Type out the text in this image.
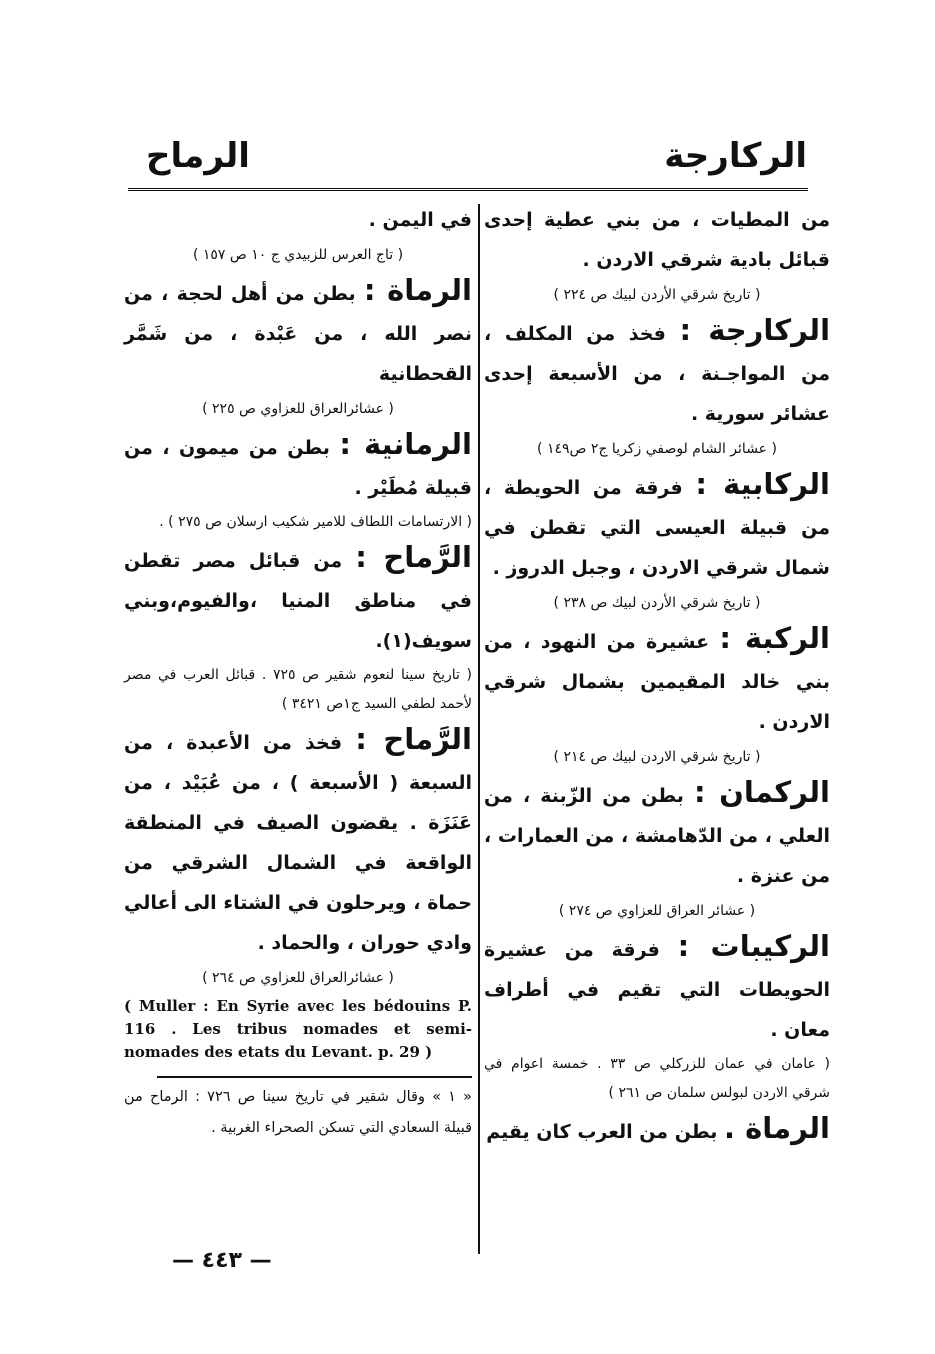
الركارجة
الرماح

من المطيات ، من بني عطية إحدى قبائل بادية شرقي الاردن .

( تاريخ شرقي الأردن لبيك ص ٢٢٤ )

الركارجة : فخذ من المكلف ، من المواجـنة ، من الأسبعة إحدى عشائر سورية .

( عشائر الشام لوصفي زكريا ج٢ ص١٤٩ )

الركابية : فرقة من الحويطة ، من قبيلة العيسى التي تقطن في شمال شرقي الاردن ، وجبل الدروز .

( تاريخ شرقي الأردن لبيك ص ٢٣٨ )

الركبة : عشيرة من النهود ، من بني خالد المقيمين بشمال شرقي الاردن .

( تاريخ شرقي الاردن لبيك ص ٢١٤ )

الركمان : بطن من الزّبنة ، من العلي ، من الدّهامشة ، من العمارات ، من عنزة .

( عشائر العراق للعزاوي ص ٢٧٤ )

الركيبات : فرقة من عشيرة الحويطات التي تقيم في أطراف معان .

( عامان في عمان للزركلي ص ٣٣ . خمسة اعوام في شرقي الاردن لبولس سلمان ص ٢٦١ )

الرماة . بطن من العرب كان يقيم

في اليمن .

( تاج العرس للزبيدي ج ١٠ ص ١٥٧ )

الرماة : بطن من أهل لحجة ، من نصر الله ، من عَبْدة ، من شَمَّر القحطانية

( عشائرالعراق للعزاوي ص ٢٢٥ )

الرمانية : بطن من ميمون ، من قبيلة مُطَيْر .

( الارتسامات اللطاف للامير شكيب ارسلان ص ٢٧٥ ) .

الرَّماح : من قبائل مصر تقطن في مناطق المنيا ،والفيوم،وبني سويف(١).

( تاريخ سينا لنعوم شقير ص ٧٢٥ . قبائل العرب في مصر لأحمد لطفي السيد ج١ص ٣٤٢١ )

الرَّماح : فخذ من الأعبدة ، من السبعة ( الأسبعة ) ، من عُبَيْد ، من عَنَزَة . يقضون الصيف في المنطقة الواقعة في الشمال الشرقي من حماة ، ويرحلون في الشتاء الى أعالي وادي حوران ، والحماد .

( عشائرالعراق للعزاوي ص ٢٦٤ )

( Muller : En Syrie avec les bédouins P. 116 . Les tribus nomades et semi-nomades des etats du Levant. p. 29 )

« ١ » وقال شقير في تاريخ سينا ص ٧٢٦ : الرماح من قبيلة السعادي التي تسكن الصحراء الغربية .

— ٤٤٣ —
